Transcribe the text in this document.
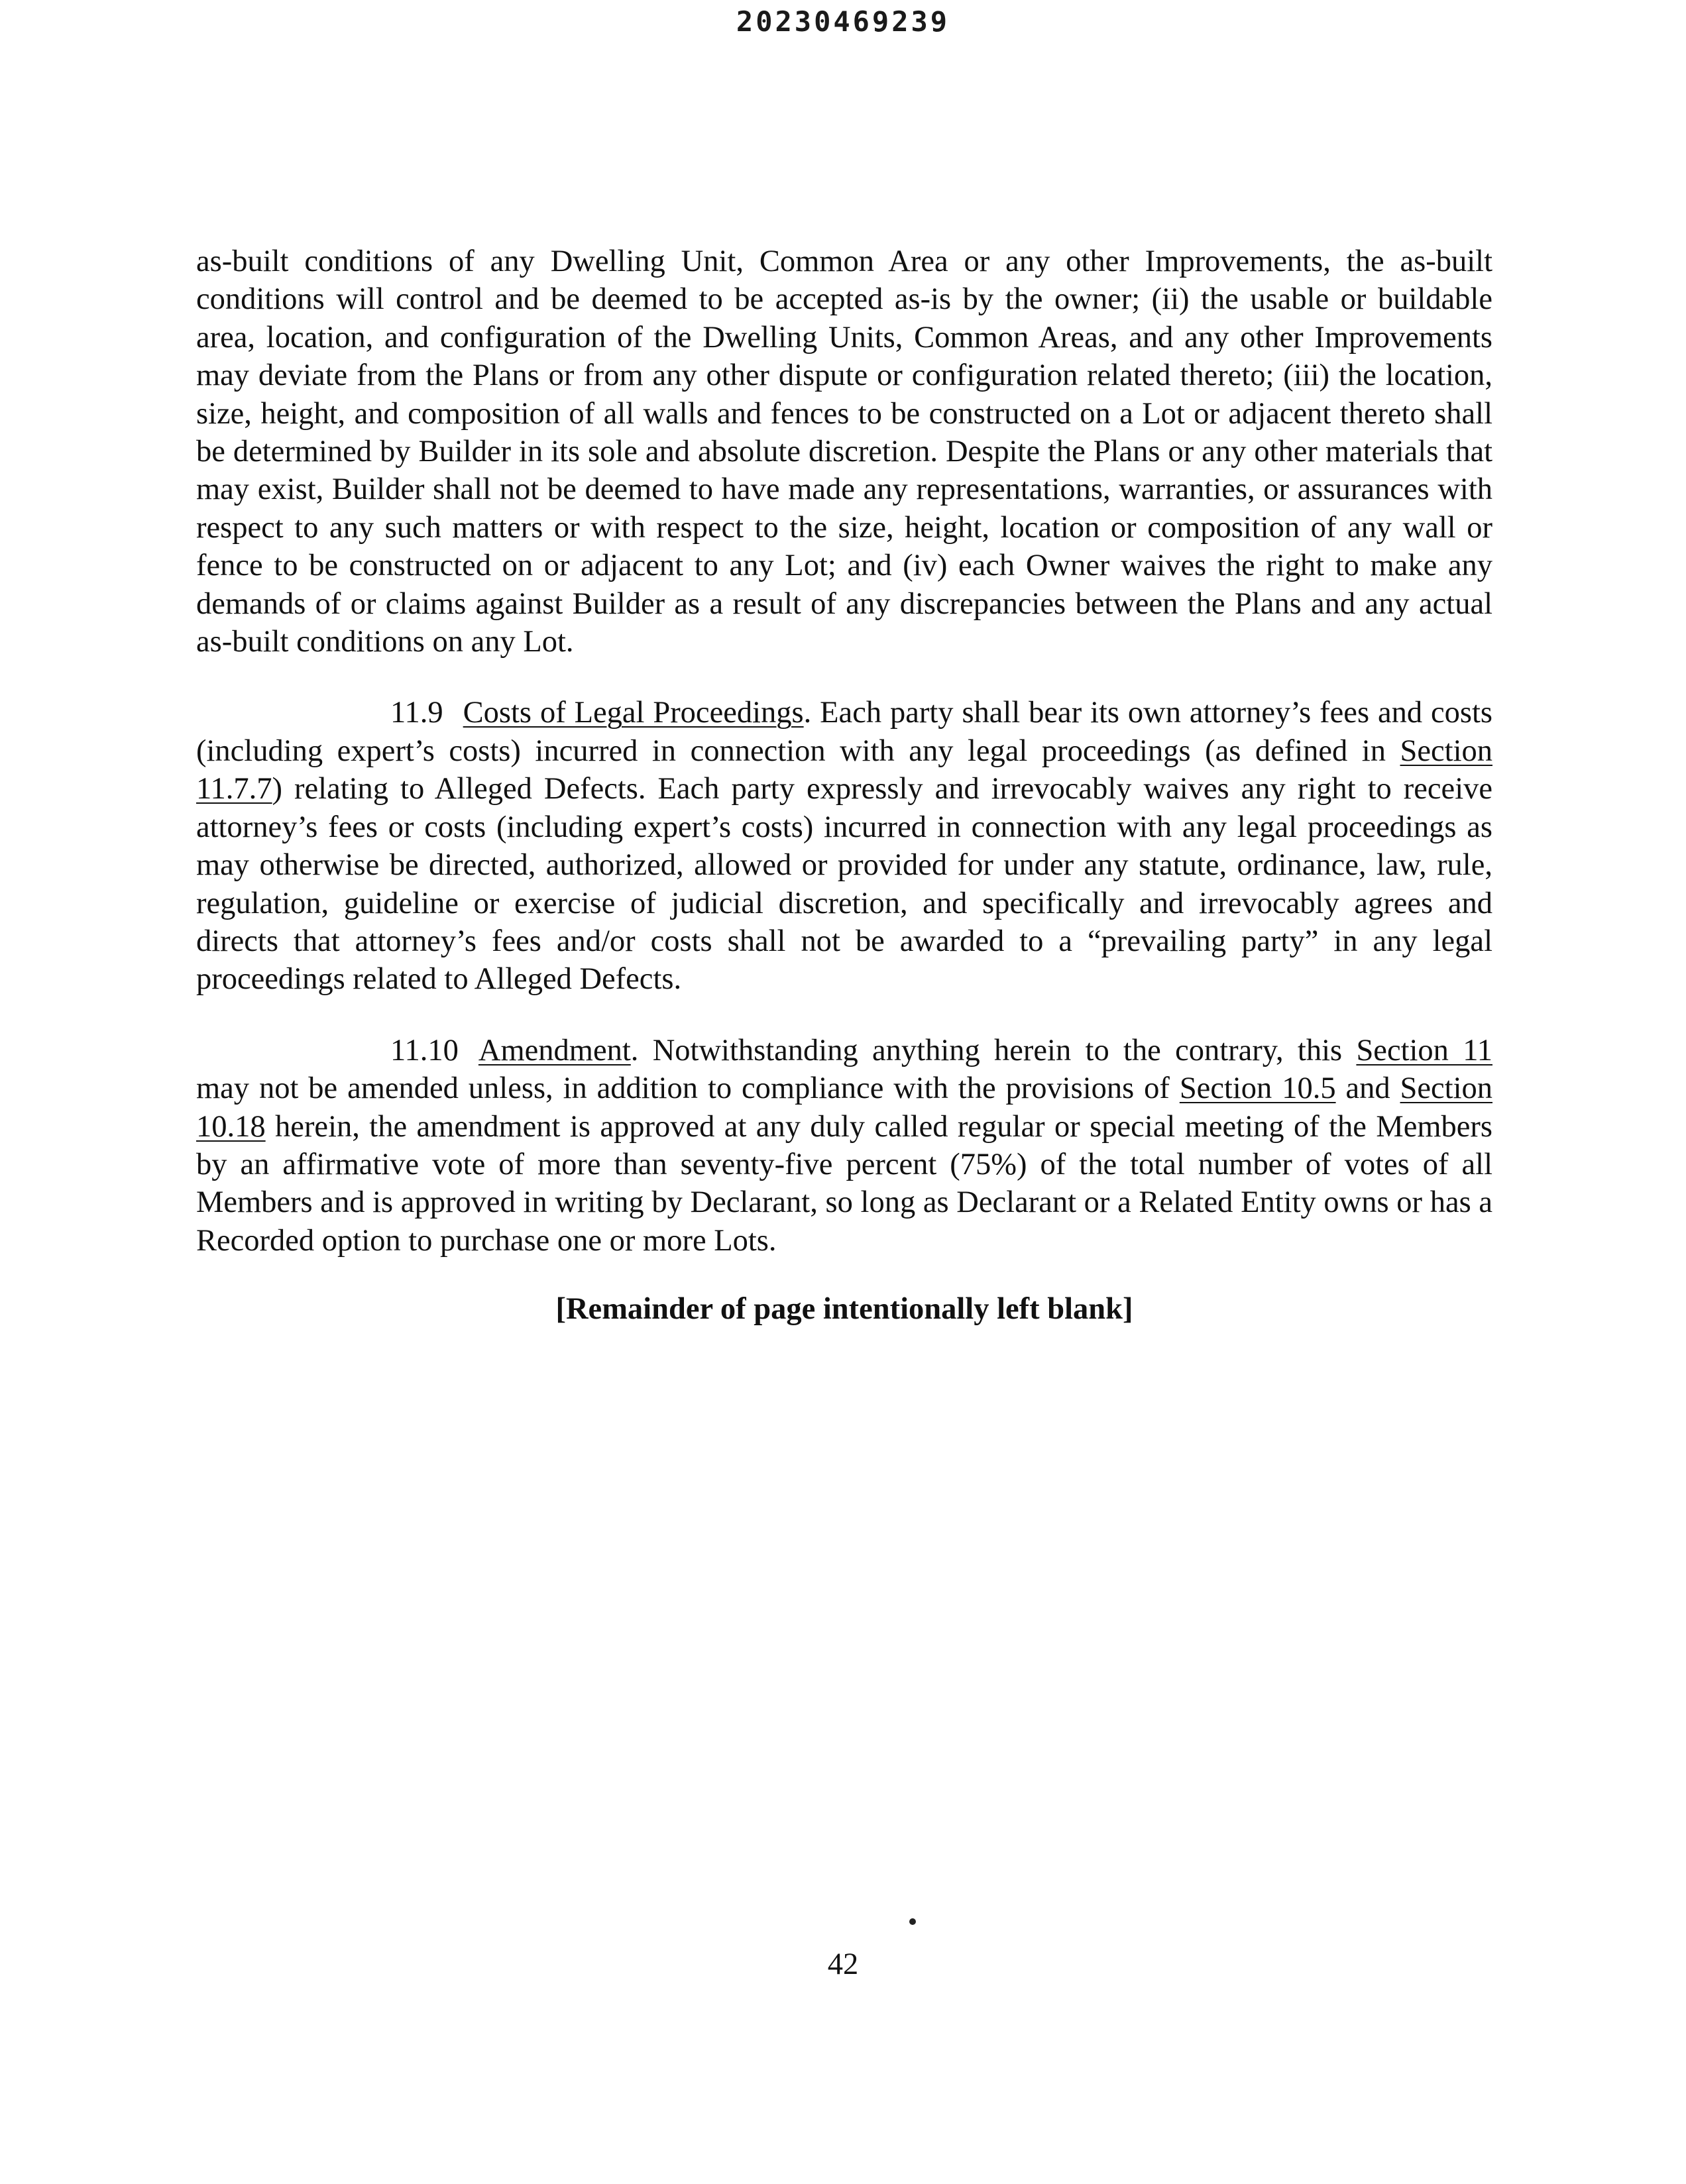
20230469239

as-built conditions of any Dwelling Unit, Common Area or any other Improvements, the as-built conditions will control and be deemed to be accepted as-is by the owner; (ii) the usable or buildable area, location, and configuration of the Dwelling Units, Common Areas, and any other Improvements may deviate from the Plans or from any other dispute or configuration related thereto; (iii) the location, size, height, and composition of all walls and fences to be constructed on a Lot or adjacent thereto shall be determined by Builder in its sole and absolute discretion. Despite the Plans or any other materials that may exist, Builder shall not be deemed to have made any representations, warranties, or assurances with respect to any such matters or with respect to the size, height, location or composition of any wall or fence to be constructed on or adjacent to any Lot; and (iv) each Owner waives the right to make any demands of or claims against Builder as a result of any discrepancies between the Plans and any actual as-built conditions on any Lot.

11.9 Costs of Legal Proceedings. Each party shall bear its own attorney’s fees and costs (including expert’s costs) incurred in connection with any legal proceedings (as defined in Section 11.7.7) relating to Alleged Defects. Each party expressly and irrevocably waives any right to receive attorney’s fees or costs (including expert’s costs) incurred in connection with any legal proceedings as may otherwise be directed, authorized, allowed or provided for under any statute, ordinance, law, rule, regulation, guideline or exercise of judicial discretion, and specifically and irrevocably agrees and directs that attorney’s fees and/or costs shall not be awarded to a “prevailing party” in any legal proceedings related to Alleged Defects.

11.10 Amendment. Notwithstanding anything herein to the contrary, this Section 11 may not be amended unless, in addition to compliance with the provisions of Section 10.5 and Section 10.18 herein, the amendment is approved at any duly called regular or special meeting of the Members by an affirmative vote of more than seventy-five percent (75%) of the total number of votes of all Members and is approved in writing by Declarant, so long as Declarant or a Related Entity owns or has a Recorded option to purchase one or more Lots.

[Remainder of page intentionally left blank]

42
